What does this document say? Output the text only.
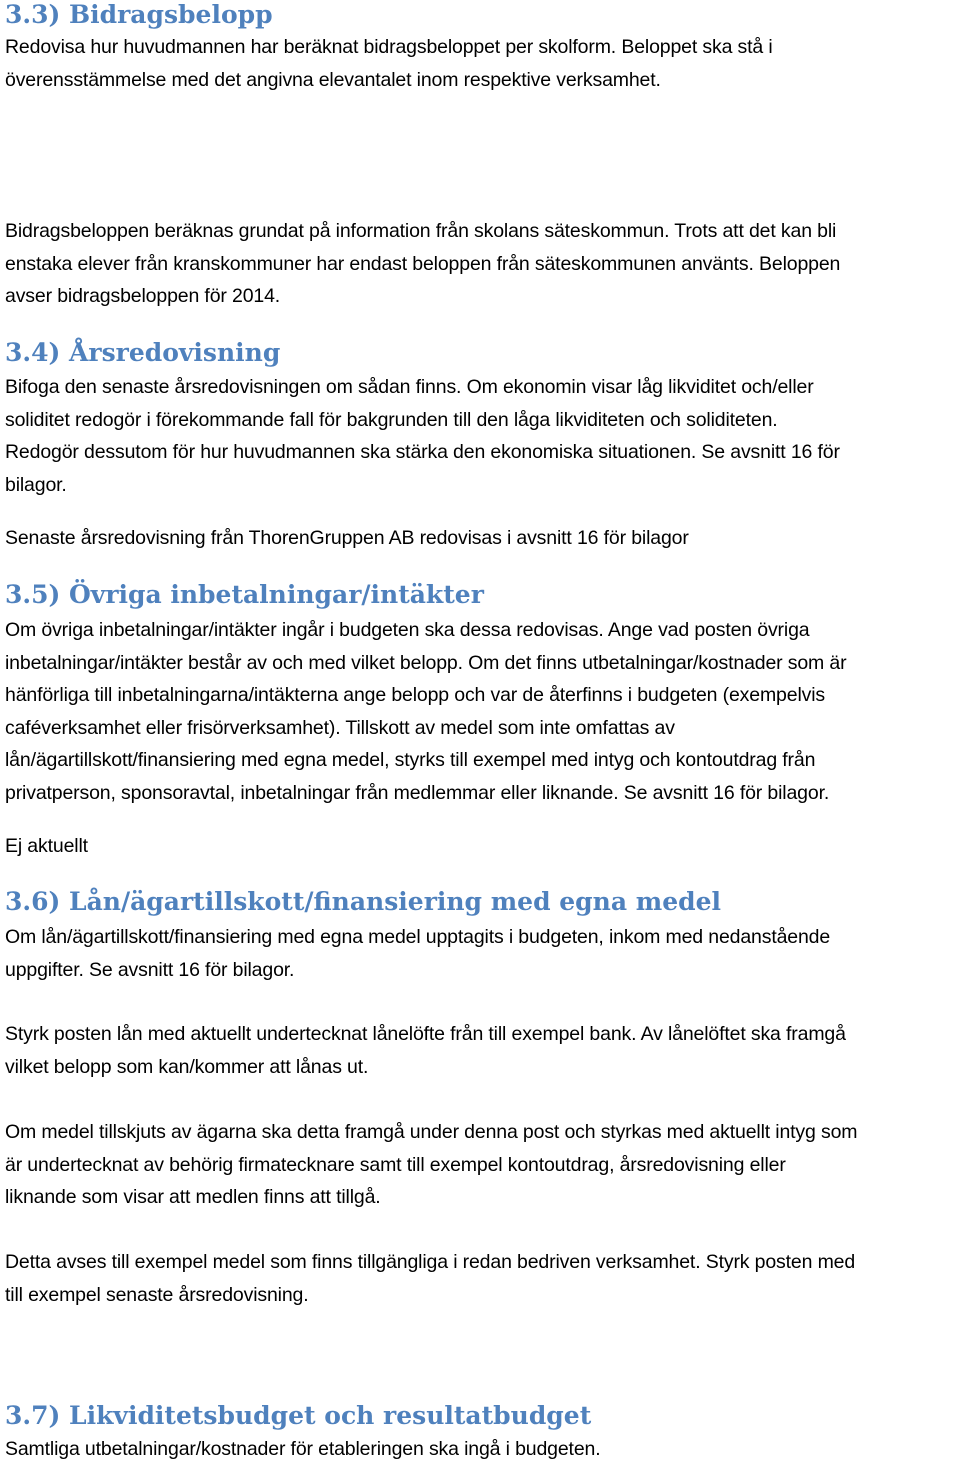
3.3) Bidragsbelopp

Redovisa hur huvudmannen har beräknat bidragsbeloppet per skolform. Beloppet ska stå i
överensstämmelse med det angivna elevantalet inom respektive verksamhet.

Bidragsbeloppen beräknas grundat på information från skolans säteskommun. Trots att det kan bli
enstaka elever från kranskommuner har endast beloppen från säteskommunen använts. Beloppen
avser bidragsbeloppen för 2014.

3.4) Årsredovisning

Bifoga den senaste årsredovisningen om sådan finns. Om ekonomin visar låg likviditet och/eller
soliditet redogör i förekommande fall för bakgrunden till den låga likviditeten och soliditeten.
Redogör dessutom för hur huvudmannen ska stärka den ekonomiska situationen. Se avsnitt 16 för
bilagor.

Senaste årsredovisning från ThorenGruppen AB redovisas i avsnitt 16 för bilagor

3.5) Övriga inbetalningar/intäkter

Om övriga inbetalningar/intäkter ingår i budgeten ska dessa redovisas. Ange vad posten övriga
inbetalningar/intäkter består av och med vilket belopp. Om det finns utbetalningar/kostnader som är
hänförliga till inbetalningarna/intäkterna ange belopp och var de återfinns i budgeten (exempelvis
caféverksamhet eller frisörverksamhet). Tillskott av medel som inte omfattas av
lån/ägartillskott/finansiering med egna medel, styrks till exempel med intyg och kontoutdrag från
privatperson, sponsoravtal, inbetalningar från medlemmar eller liknande. Se avsnitt 16 för bilagor.

Ej aktuellt

3.6) Lån/ägartillskott/finansiering med egna medel

Om lån/ägartillskott/finansiering med egna medel upptagits i budgeten, inkom med nedanstående
uppgifter. Se avsnitt 16 för bilagor.

Styrk posten lån med aktuellt undertecknat lånelöfte från till exempel bank. Av lånelöftet ska framgå
vilket belopp som kan/kommer att lånas ut.

Om medel tillskjuts av ägarna ska detta framgå under denna post och styrkas med aktuellt intyg som
är undertecknat av behörig firmatecknare samt till exempel kontoutdrag, årsredovisning eller
liknande som visar att medlen finns att tillgå.

Detta avses till exempel medel som finns tillgängliga i redan bedriven verksamhet. Styrk posten med
till exempel senaste årsredovisning.

3.7) Likviditetsbudget och resultatbudget

Samtliga utbetalningar/kostnader för etableringen ska ingå i budgeten.
